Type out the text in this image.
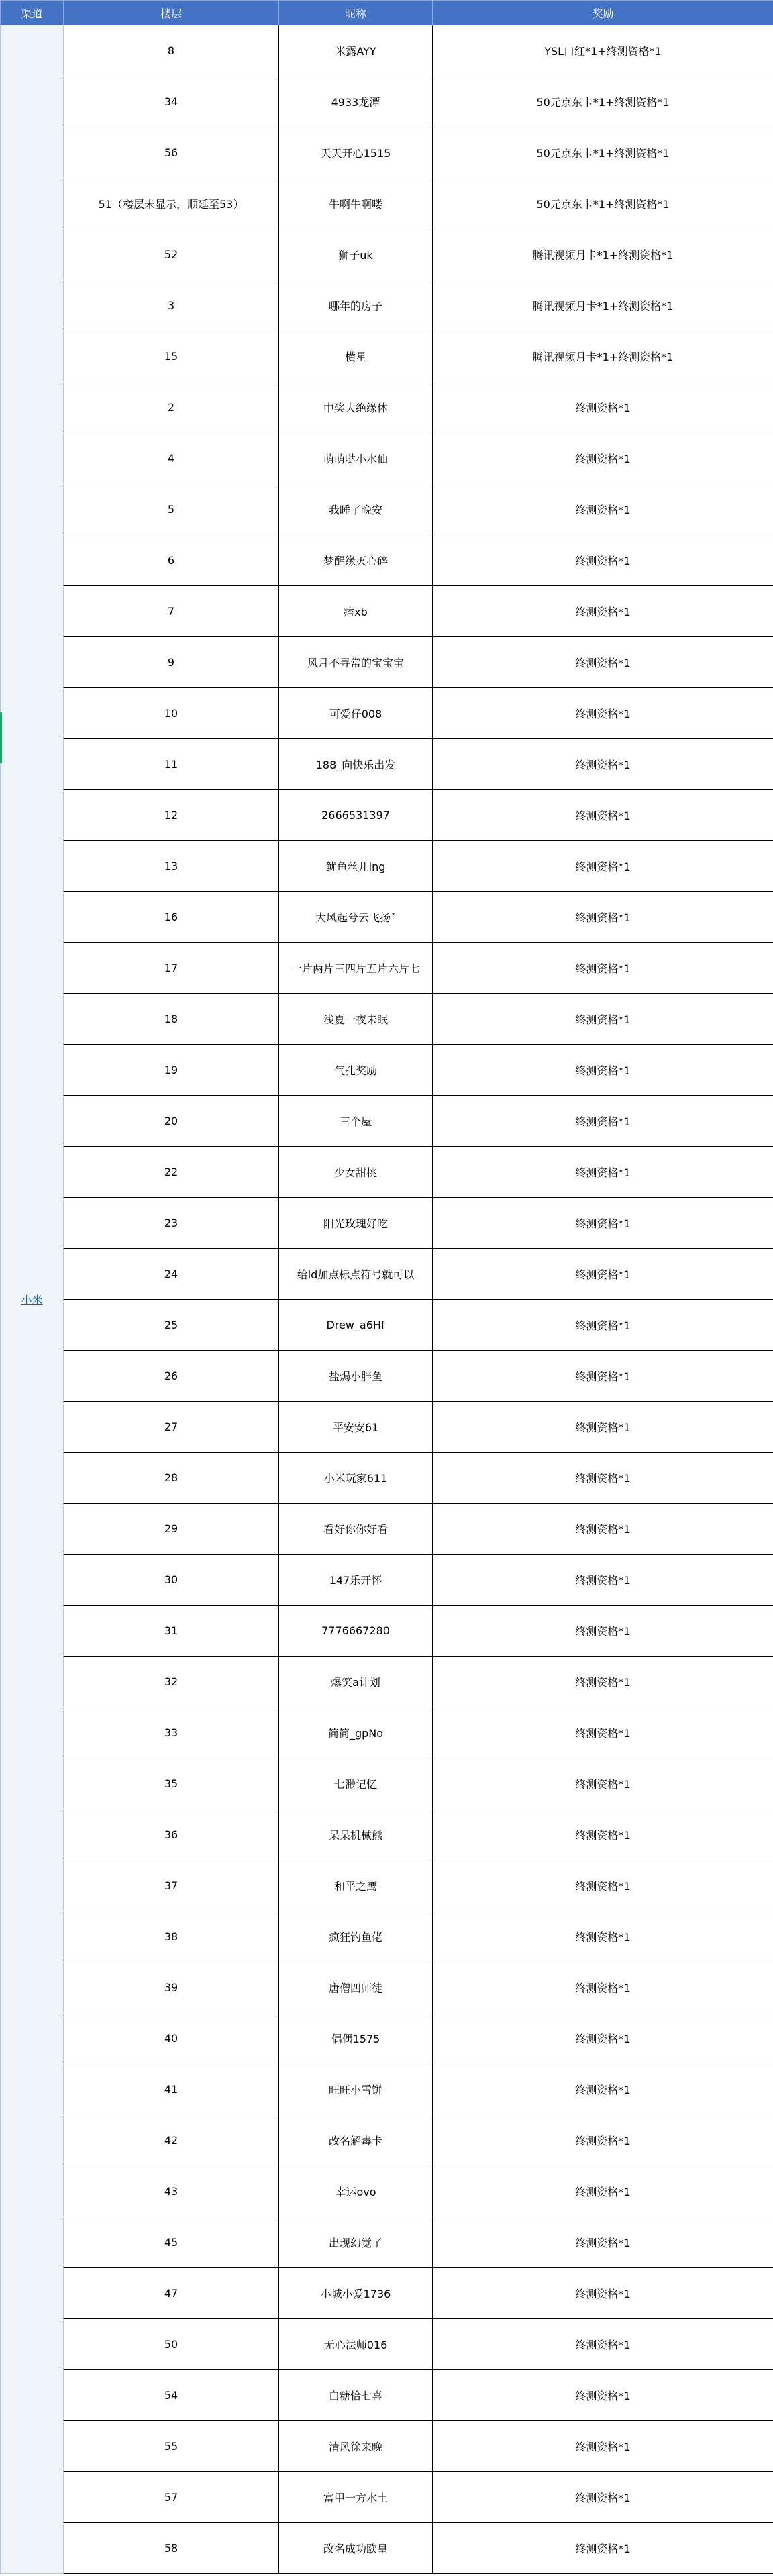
渠道	楼层	昵称	奖励
小米	8	米露AYY	YSL口红*1+终测资格*1
	34	4933龙潭	50元京东卡*1+终测资格*1
	56	天天开心1515	50元京东卡*1+终测资格*1
	51（楼层未显示，顺延至53）	牛啊牛啊喽	50元京东卡*1+终测资格*1
	52	狮子uk	腾讯视频月卡*1+终测资格*1
	3	哪年的房子	腾讯视频月卡*1+终测资格*1
	15	横星	腾讯视频月卡*1+终测资格*1
	2	中奖大绝缘体	终测资格*1
	4	萌萌哒小水仙	终测资格*1
	5	我睡了晚安	终测资格*1
	6	梦醒缘灭心碎	终测资格*1
	7	痞xb	终测资格*1
	9	风月不寻常的宝宝宝	终测资格*1
	10	可爱仔008	终测资格*1
	11	188_向快乐出发	终测资格*1
	12	2666531397	终测资格*1
	13	鱿鱼丝儿ing	终测资格*1
	16	大风起兮云飞扬ˇ	终测资格*1
	17	一片两片三四片五片六片七	终测资格*1
	18	浅夏一夜未眠	终测资格*1
	19	气孔奖励	终测资格*1
	20	三个屋	终测资格*1
	22	少女甜桃	终测资格*1
	23	阳光玫瑰好吃	终测资格*1
	24	给id加点标点符号就可以	终测资格*1
	25	Drew_a6Hf	终测资格*1
	26	盐焗小胖鱼	终测资格*1
	27	平安安61	终测资格*1
	28	小米玩家611	终测资格*1
	29	看好你你好看	终测资格*1
	30	147乐开怀	终测资格*1
	31	7776667280	终测资格*1
	32	爆笑a计划	终测资格*1
	33	简简_gpNo	终测资格*1
	35	七渺记忆	终测资格*1
	36	呆呆机械熊	终测资格*1
	37	和平之鹰	终测资格*1
	38	疯狂钓鱼佬	终测资格*1
	39	唐僧四师徒	终测资格*1
	40	偶偶1575	终测资格*1
	41	旺旺小雪饼	终测资格*1
	42	改名解毒卡	终测资格*1
	43	幸运ovo	终测资格*1
	45	出现幻觉了	终测资格*1
	47	小城小爱1736	终测资格*1
	50	无心法师016	终测资格*1
	54	白糖恰七喜	终测资格*1
	55	清风徐来晚	终测资格*1
	57	富甲一方水土	终测资格*1
	58	改名成功欧皇	终测资格*1
